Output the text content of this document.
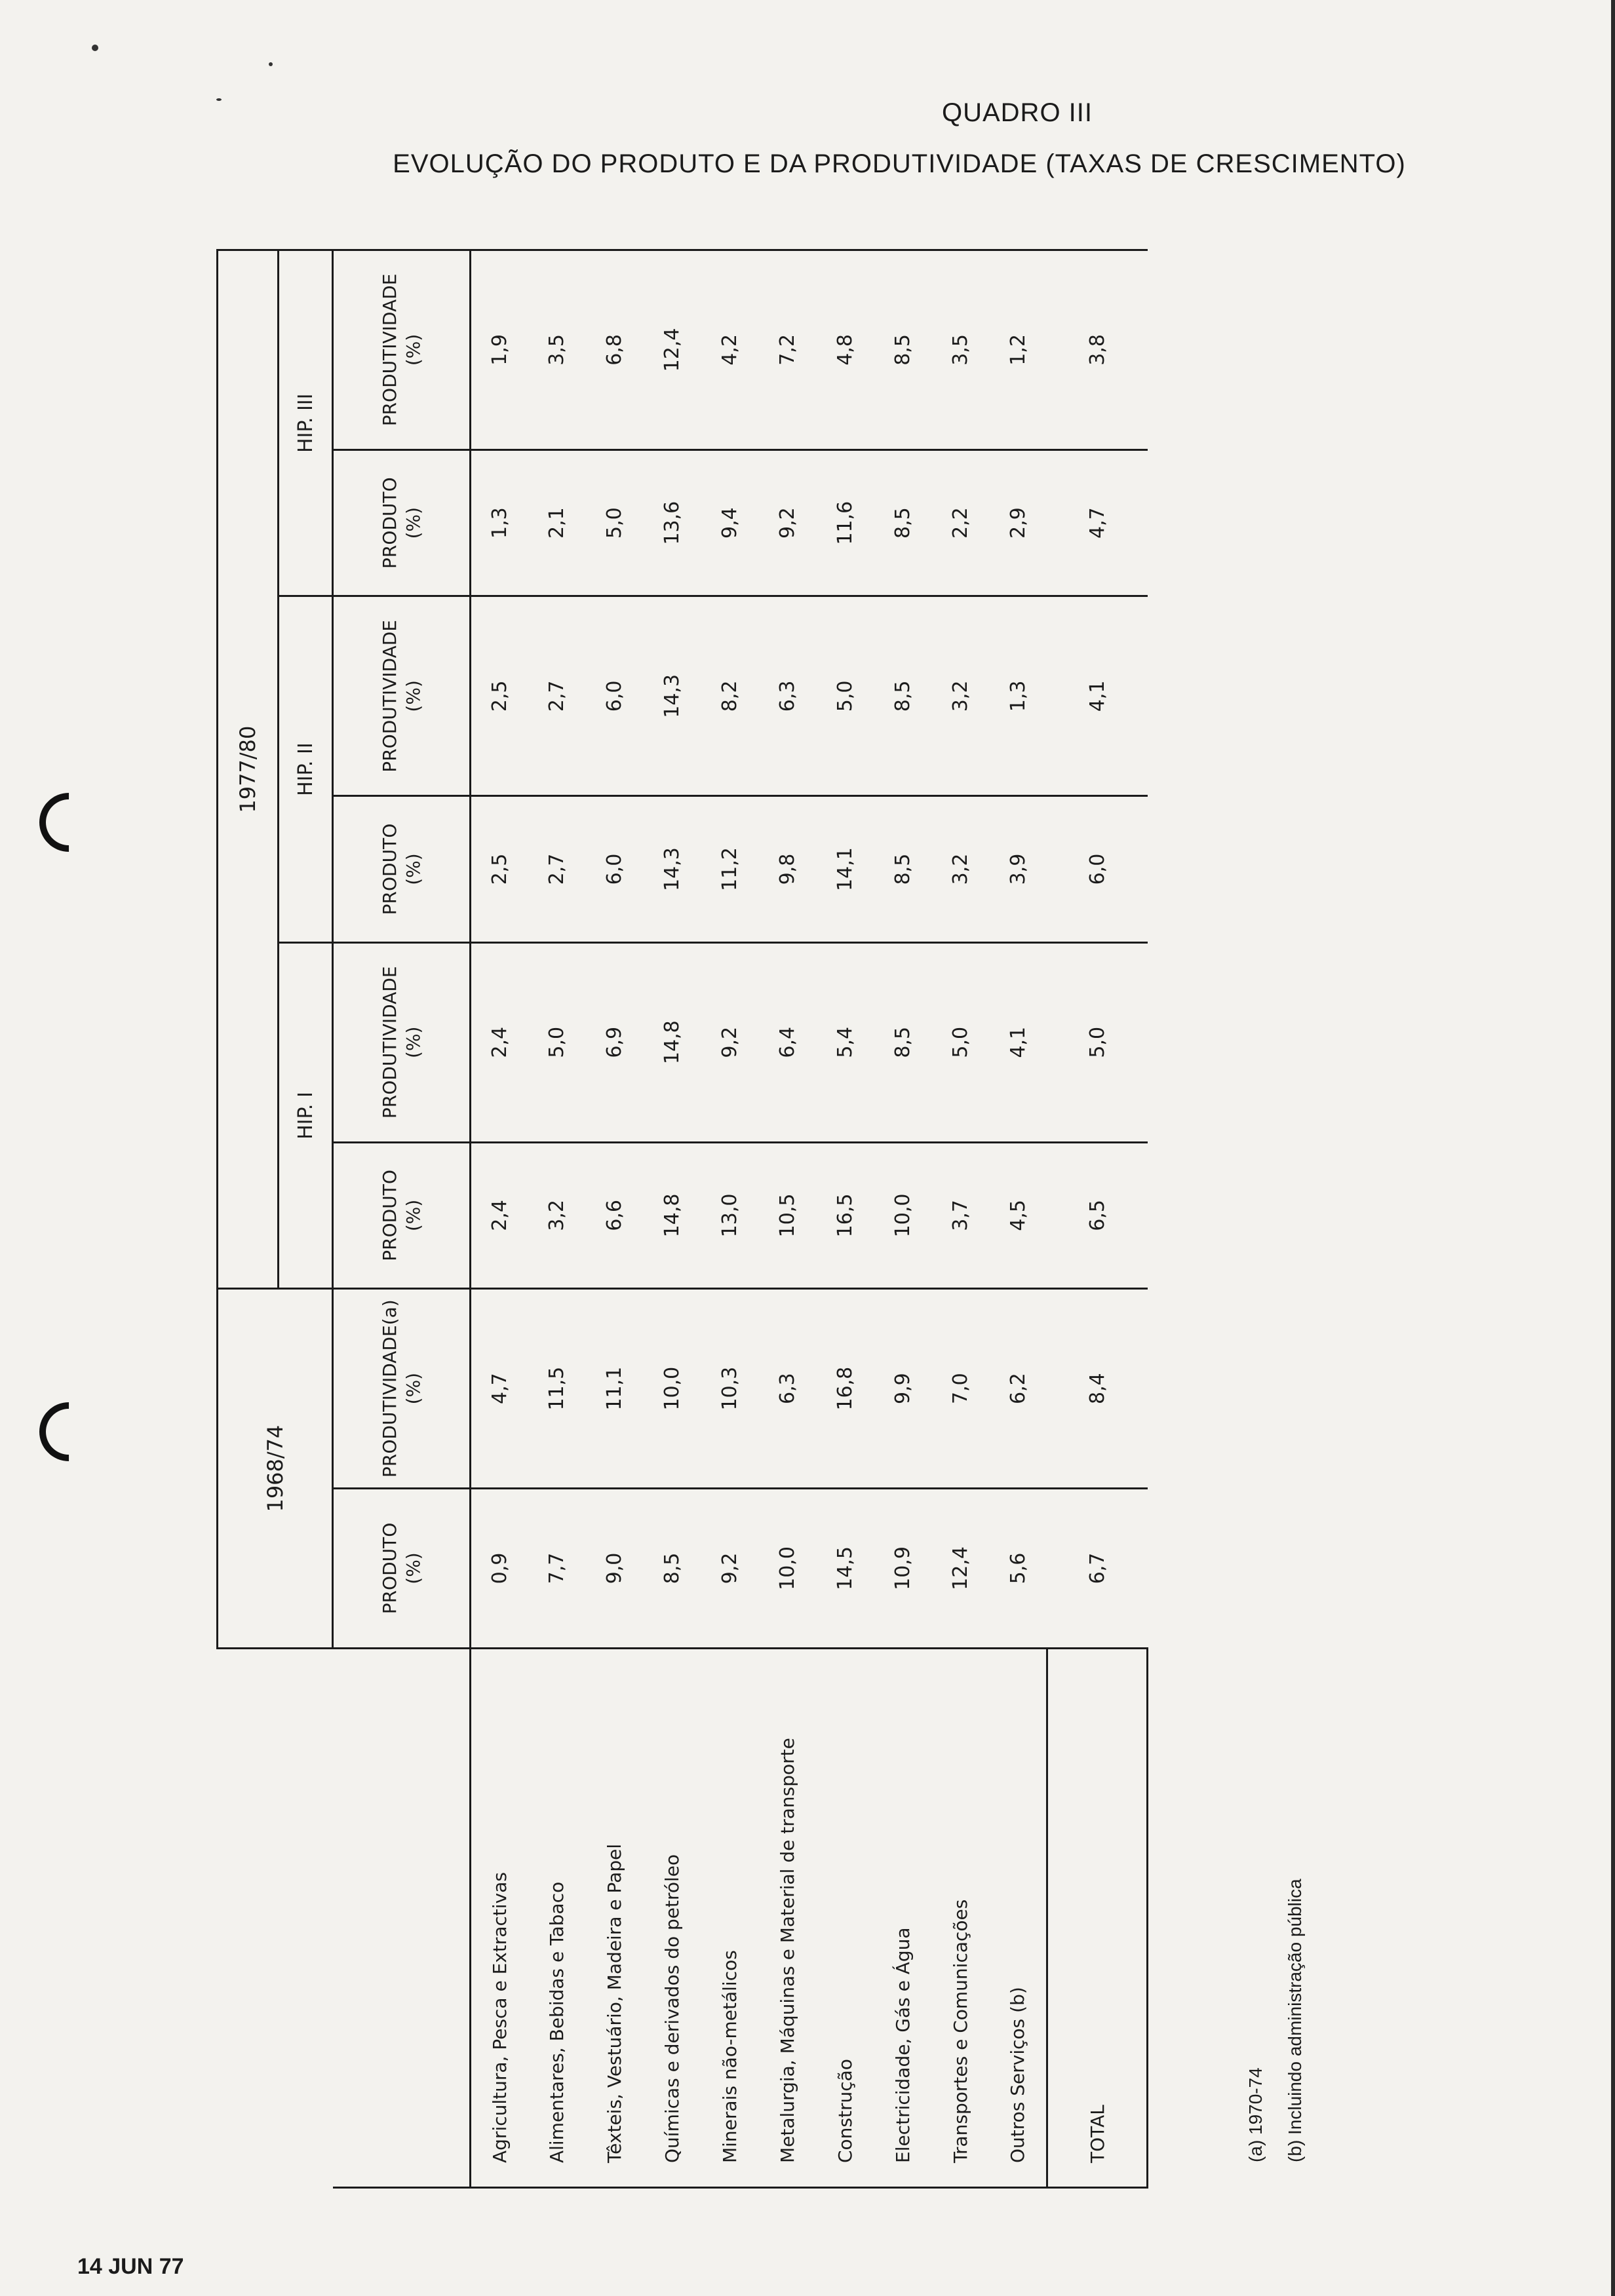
QUADRO III
EVOLUÇÃO DO PRODUTO E DA PRODUTIVIDADE (TAXAS DE CRESCIMENTO)
	1968/74		1977/80					
			HIP. I		HIP. II		HIP. III	
	PRODUTO (%)	PRODUTIVIDADE(a) (%)	PRODUTO (%)	PRODUTIVIDADE (%)	PRODUTO (%)	PRODUTIVIDADE (%)	PRODUTO (%)	PRODUTIVIDADE (%)
Agricultura, Pesca e Extractivas	0,9	4,7	2,4	2,4	2,5	2,5	1,3	1,9
Alimentares, Bebidas e Tabaco	7,7	11,5	3,2	5,0	2,7	2,7	2,1	3,5
Têxteis, Vestuário, Madeira e Papel	9,0	11,1	6,6	6,9	6,0	6,0	5,0	6,8
Químicas e derivados do petróleo	8,5	10,0	14,8	14,8	14,3	14,3	13,6	12,4
Minerais não-metálicos	9,2	10,3	13,0	9,2	11,2	8,2	9,4	4,2
Metalurgia, Máquinas e Material de transporte	10,0	6,3	10,5	6,4	9,8	6,3	9,2	7,2
Construção	14,5	16,8	16,5	5,4	14,1	5,0	11,6	4,8
Electricidade, Gás e Água	10,9	9,9	10,0	8,5	8,5	8,5	8,5	8,5
Transportes e Comunicações	12,4	7,0	3,7	5,0	3,2	3,2	2,2	3,5
Outros Serviços (b)	5,6	6,2	4,5	4,1	3,9	1,3	2,9	1,2
TOTAL	6,7	8,4	6,5	5,0	6,0	4,1	4,7	3,8
(a) 1970-74 (b) Incluindo administração pública
14 JUN 77
